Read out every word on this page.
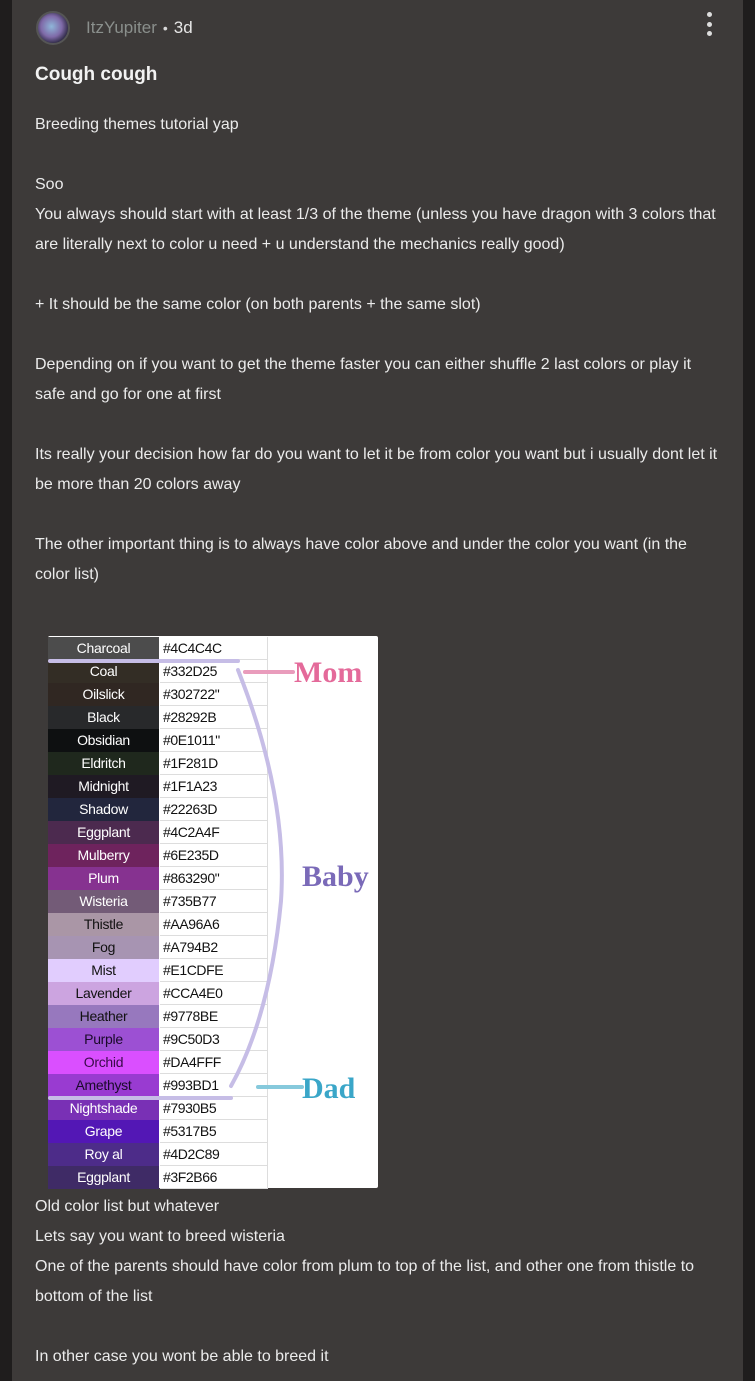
ItzYupiter • 3d
Cough cough
Breeding themes tutorial yap
Soo
You always should start with at least 1/3 of the theme (unless you have dragon with 3 colors that are literally next to color u need + u understand the mechanics really good)
+ It should be the same color (on both parents + the same slot)
Depending on if you want to get the theme faster you can either shuffle 2 last colors or play it safe and go for one at first
Its really your decision how far do you want to let it be from color you want but i usually dont let it be more than 20 colors away
The other important thing is to always have color above and under the color you want (in the color list)
Charcoal	#4C4C4C
Coal	#332D25
Oilslick	#302722"
Black	#28292B
Obsidian	#0E1011"
Eldritch	#1F281D
Midnight	#1F1A23
Shadow	#22263D
Eggplant	#4C2A4F
Mulberry	#6E235D
Plum	#863290"
Wisteria	#735B77
Thistle	#AA96A6
Fog	#A794B2
Mist	#E1CDFE
Lavender	#CCA4E0
Heather	#9778BE
Purple	#9C50D3
Orchid	#DA4FFF
Amethyst	#993BD1
Nightshade	#7930B5
Grape	#5317B5
Roy al	#4D2C89
Eggplant	#3F2B66
Mom
Baby
Dad
Old color list but whatever
Lets say you want to breed wisteria
One of the parents should have color from plum to top of the list, and other one from thistle to bottom of the list
In other case you wont be able to breed it
